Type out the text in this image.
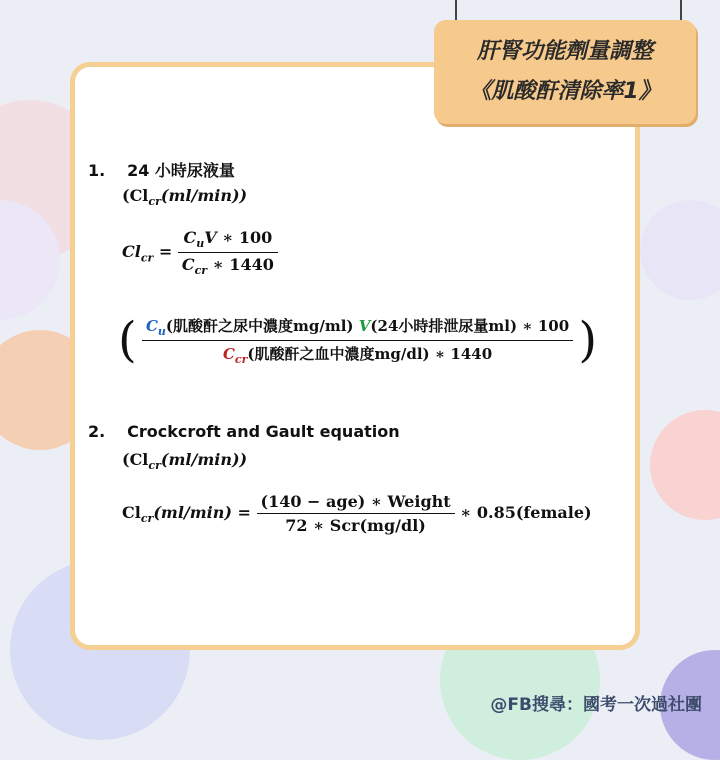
肝腎功能劑量調整
《肌酸酐清除率1》
1. 24 小時尿液量
$(Cl_{cr}(ml/\min))$
$Cl_{cr} = \frac{C_uV ∗ 100}{C_{cr} ∗ 1440}$
( $\frac{C_u(肌酸酐之尿中濃度mg/ml) V(24小時排泄尿量ml) ∗ 100}{C_{cr}(肌酸酐之血中濃度mg/dl) ∗ 1440}$ )
2. Crockcroft and Gault equation
$(Cl_{cr}(ml/\min))$
$Cl_{cr}(ml/\min) = \frac{\text{(140 − age) ∗ Weight}}{\text{72 ∗ Scr(mg/dl)}}$ ∗ 0.85(female)
@FB搜尋：國考一次過社團
